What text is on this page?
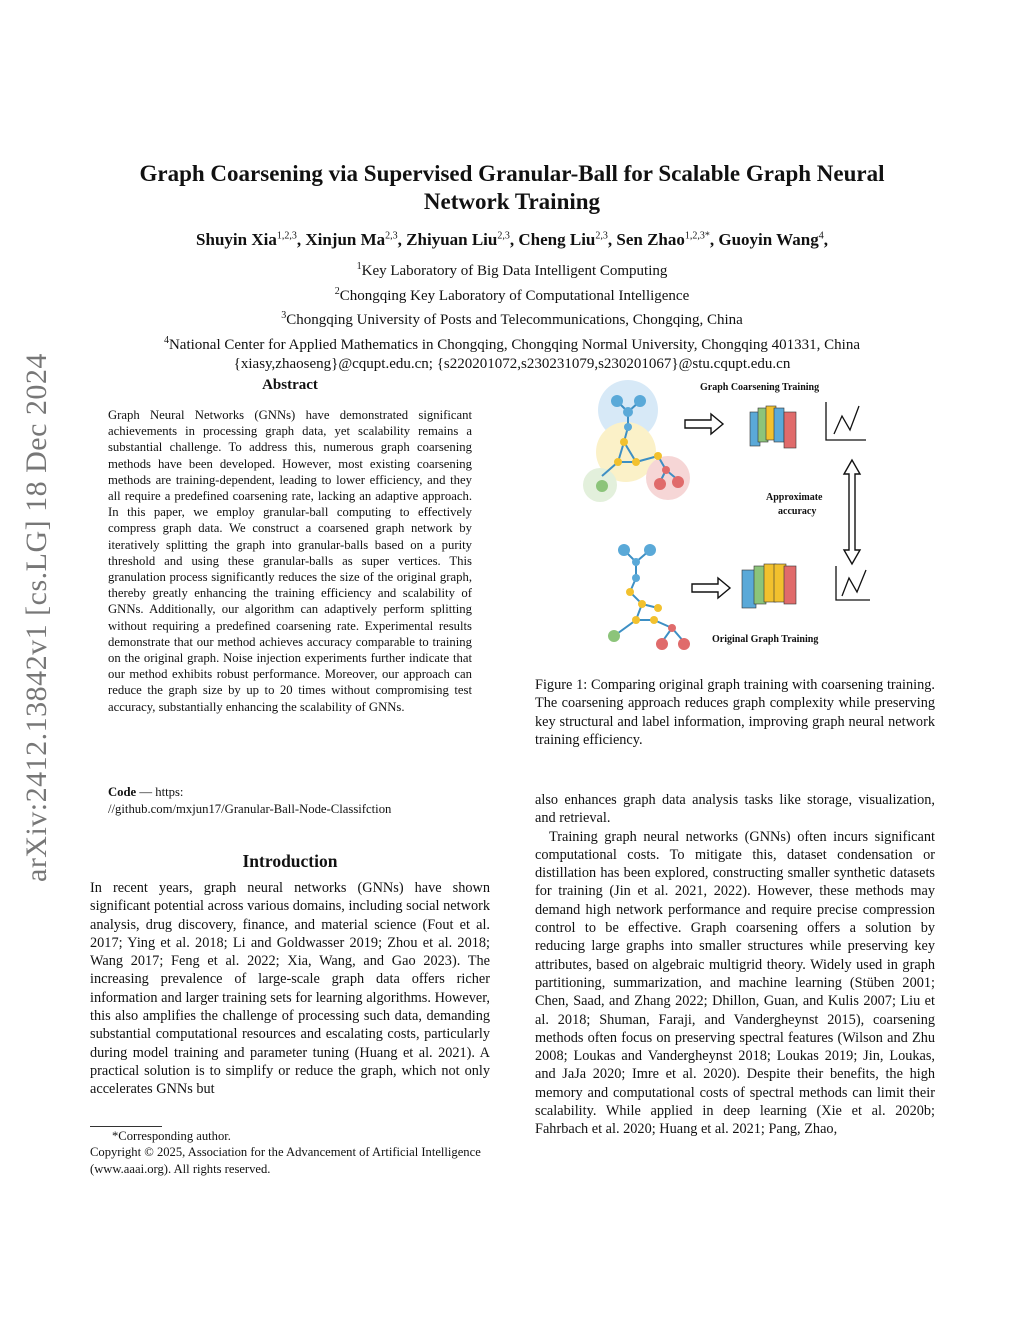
arXiv:2412.13842v1 [cs.LG] 18 Dec 2024
Graph Coarsening via Supervised Granular-Ball for Scalable Graph Neural Network Training
Shuyin Xia$^{1,2,3}$, Xinjun Ma$^{2,3}$, Zhiyuan Liu$^{2,3}$, Cheng Liu$^{2,3}$, Sen Zhao$^{1,2,3*}$, Guoyin Wang$^4$,
$^1$Key Laboratory of Big Data Intelligent Computing
$^2$Chongqing Key Laboratory of Computational Intelligence
$^3$Chongqing University of Posts and Telecommunications, Chongqing, China
$^4$National Center for Applied Mathematics in Chongqing, Chongqing Normal University, Chongqing 401331, China
{xiasy,zhaoseng}@cqupt.edu.cn; {s220201072,s230231079,s230201067}@stu.cqupt.edu.cn
Abstract
Graph Neural Networks (GNNs) have demonstrated significant achievements in processing graph data, yet scalability remains a substantial challenge. To address this, numerous graph coarsening methods have been developed. However, most existing coarsening methods are training-dependent, leading to lower efficiency, and they all require a predefined coarsening rate, lacking an adaptive approach. In this paper, we employ granular-ball computing to effectively compress graph data. We construct a coarsened graph network by iteratively splitting the graph into granular-balls based on a purity threshold and using these granular-balls as super vertices. This granulation process significantly reduces the size of the original graph, thereby greatly enhancing the training efficiency and scalability of GNNs. Additionally, our algorithm can adaptively perform splitting without requiring a predefined coarsening rate. Experimental results demonstrate that our method achieves accuracy comparable to training on the original graph. Noise injection experiments further indicate that our method exhibits robust performance. Moreover, our approach can reduce the graph size by up to 20 times without compromising test accuracy, substantially enhancing the scalability of GNNs.
Code — https:
//github.com/mxjun17/Granular-Ball-Node-Classifction
Introduction
In recent years, graph neural networks (GNNs) have shown significant potential across various domains, including social network analysis, drug discovery, finance, and material science (Fout et al. 2017; Ying et al. 2018; Li and Goldwasser 2019; Zhou et al. 2018; Wang 2017; Feng et al. 2022; Xia, Wang, and Gao 2023). The increasing prevalence of large-scale graph data offers richer information and larger training sets for learning algorithms. However, this also amplifies the challenge of processing such data, demanding substantial computational resources and escalating costs, particularly during model training and parameter tuning (Huang et al. 2021). A practical solution is to simplify or reduce the graph, which not only accelerates GNNs but
*Corresponding author.
Copyright © 2025, Association for the Advancement of Artificial Intelligence (www.aaai.org). All rights reserved.
Graph Coarsening Training
Approximate
accuracy
Original Graph Training
Figure 1: Comparing original graph training with coarsening training. The coarsening approach reduces graph complexity while preserving key structural and label information, improving graph neural network training efficiency.

also enhances graph data analysis tasks like storage, visualization, and retrieval.

Training graph neural networks (GNNs) often incurs significant computational costs. To mitigate this, dataset condensation or distillation has been explored, constructing smaller synthetic datasets for training (Jin et al. 2021, 2022). However, these methods may demand high network performance and require precise compression control to be effective. Graph coarsening offers a solution by reducing large graphs into smaller structures while preserving key attributes, based on algebraic multigrid theory. Widely used in graph partitioning, summarization, and machine learning (Stüben 2001; Chen, Saad, and Zhang 2022; Dhillon, Guan, and Kulis 2007; Liu et al. 2018; Shuman, Faraji, and Vandergheynst 2015), coarsening methods often focus on preserving spectral features (Wilson and Zhu 2008; Loukas and Vandergheynst 2018; Loukas 2019; Jin, Loukas, and JaJa 2020; Imre et al. 2020). Despite their benefits, the high memory and computational costs of spectral methods can limit their scalability. While applied in deep learning (Xie et al. 2020b; Fahrbach et al. 2020; Huang et al. 2021; Pang, Zhao,
